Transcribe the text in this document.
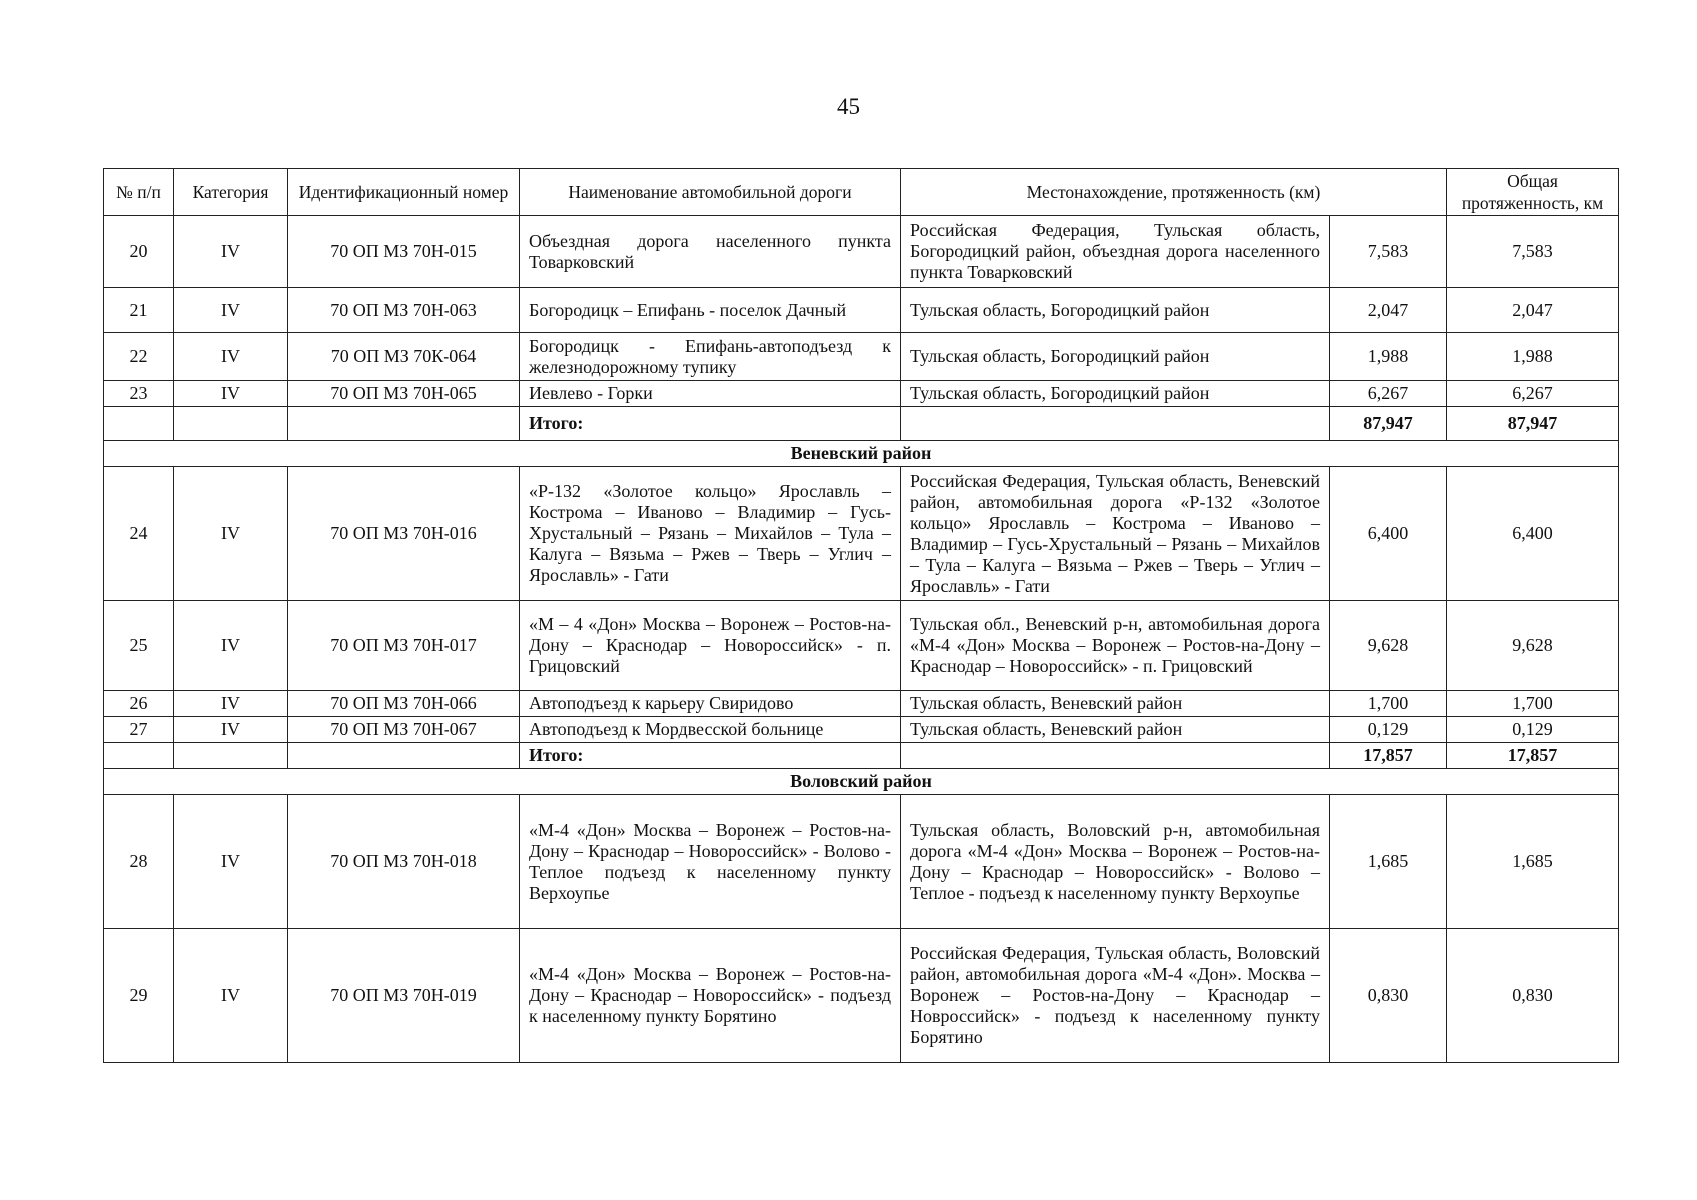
45
№ п/п	Категория	Идентификационный номер	Наименование автомобильной дороги	Местонахождение, протяженность (км)		Общая протяженность, км
20	IV	70 ОП МЗ 70Н-015	Объездная дорога населенного пункта Товарковский	Российская Федерация, Тульская область, Богородицкий район, объездная дорога населенного пункта Товарковский	7,583	7,583
21	IV	70 ОП МЗ 70Н-063	Богородицк – Епифань - поселок Дачный	Тульская область, Богородицкий район	2,047	2,047
22	IV	70 ОП МЗ 70К-064	Богородицк - Епифань-автоподъезд к железнодорожному тупику	Тульская область, Богородицкий район	1,988	1,988
23	IV	70 ОП МЗ 70Н-065	Иевлево - Горки	Тульская область, Богородицкий район	6,267	6,267
			Итого:		87,947	87,947
Веневский район						
24	IV	70 ОП МЗ 70Н-016	«Р-132 «Золотое кольцо» Ярославль – Кострома – Иваново – Владимир – Гусь-Хрустальный – Рязань – Михайлов – Тула – Калуга – Вязьма – Ржев – Тверь – Углич – Ярославль» - Гати	Российская Федерация, Тульская область, Веневский район, автомобильная дорога «Р-132 «Золотое кольцо» Ярославль – Кострома – Иваново – Владимир – Гусь-Хрустальный – Рязань – Михайлов – Тула – Калуга – Вязьма – Ржев – Тверь – Углич – Ярославль» - Гати	6,400	6,400
25	IV	70 ОП МЗ 70Н-017	«М – 4 «Дон» Москва – Воронеж – Ростов-на-Дону – Краснодар – Новороссийск» - п. Грицовский	Тульская обл., Веневский р-н, автомобильная дорога «М-4 «Дон» Москва – Воронеж – Ростов-на-Дону – Краснодар – Новороссийск» - п. Грицовский	9,628	9,628
26	IV	70 ОП МЗ 70Н-066	Автоподъезд к карьеру Свиридово	Тульская область, Веневский район	1,700	1,700
27	IV	70 ОП МЗ 70Н-067	Автоподъезд к Мордвесской больнице	Тульская область, Веневский район	0,129	0,129
			Итого:		17,857	17,857
Воловский район						
28	IV	70 ОП МЗ 70Н-018	«М-4 «Дон» Москва – Воронеж – Ростов-на-Дону – Краснодар – Новороссийск» - Волово - Теплое подъезд к населенному пункту Верхоупье	Тульская область, Воловский р-н, автомобильная дорога «М-4 «Дон» Москва – Воронеж – Ростов-на-Дону – Краснодар – Новороссийск» - Волово – Теплое - подъезд к населенному пункту Верхоупье	1,685	1,685
29	IV	70 ОП МЗ 70Н-019	«М-4 «Дон» Москва – Воронеж – Ростов-на-Дону – Краснодар – Новороссийск» - подъезд к населенному пункту Борятино	Российская Федерация, Тульская область, Воловский район, автомобильная дорога «М-4 «Дон». Москва – Воронеж – Ростов-на-Дону – Краснодар – Новроссийск» - подъезд к населенному пункту Борятино	0,830	0,830
